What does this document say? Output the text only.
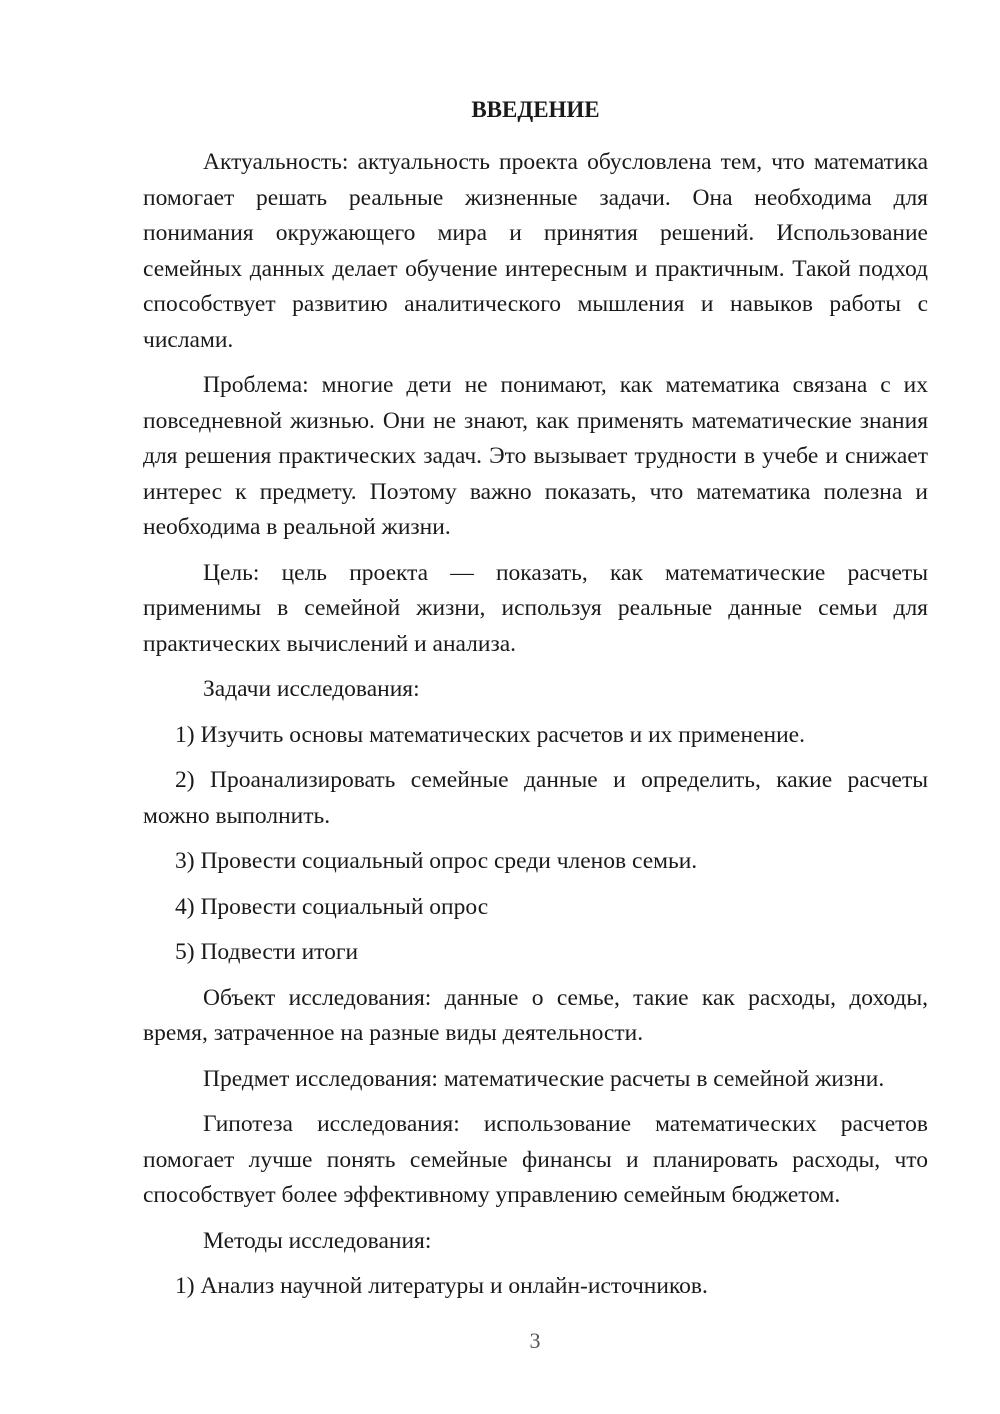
ВВЕДЕНИЕ

Актуальность: актуальность проекта обусловлена тем, что математика помогает решать реальные жизненные задачи. Она необходима для понимания окружающего мира и принятия решений. Использование семейных данных делает обучение интересным и практичным. Такой подход способствует развитию аналитического мышления и навыков работы с числами.

Проблема: многие дети не понимают, как математика связана с их повседневной жизнью. Они не знают, как применять математические знания для решения практических задач. Это вызывает трудности в учебе и снижает интерес к предмету. Поэтому важно показать, что математика полезна и необходима в реальной жизни.

Цель: цель проекта — показать, как математические расчеты применимы в семейной жизни, используя реальные данные семьи для практических вычислений и анализа.

Задачи исследования:

1) Изучить основы математических расчетов и их применение.

2) Проанализировать семейные данные и определить, какие расчеты можно выполнить.

3) Провести социальный опрос среди членов семьи.

4) Провести социальный опрос

5) Подвести итоги

Объект исследования: данные о семье, такие как расходы, доходы, время, затраченное на разные виды деятельности.

Предмет исследования: математические расчеты в семейной жизни.

Гипотеза исследования: использование математических расчетов помогает лучше понять семейные финансы и планировать расходы, что способствует более эффективному управлению семейным бюджетом.

Методы исследования:

1) Анализ научной литературы и онлайн-источников.

3
